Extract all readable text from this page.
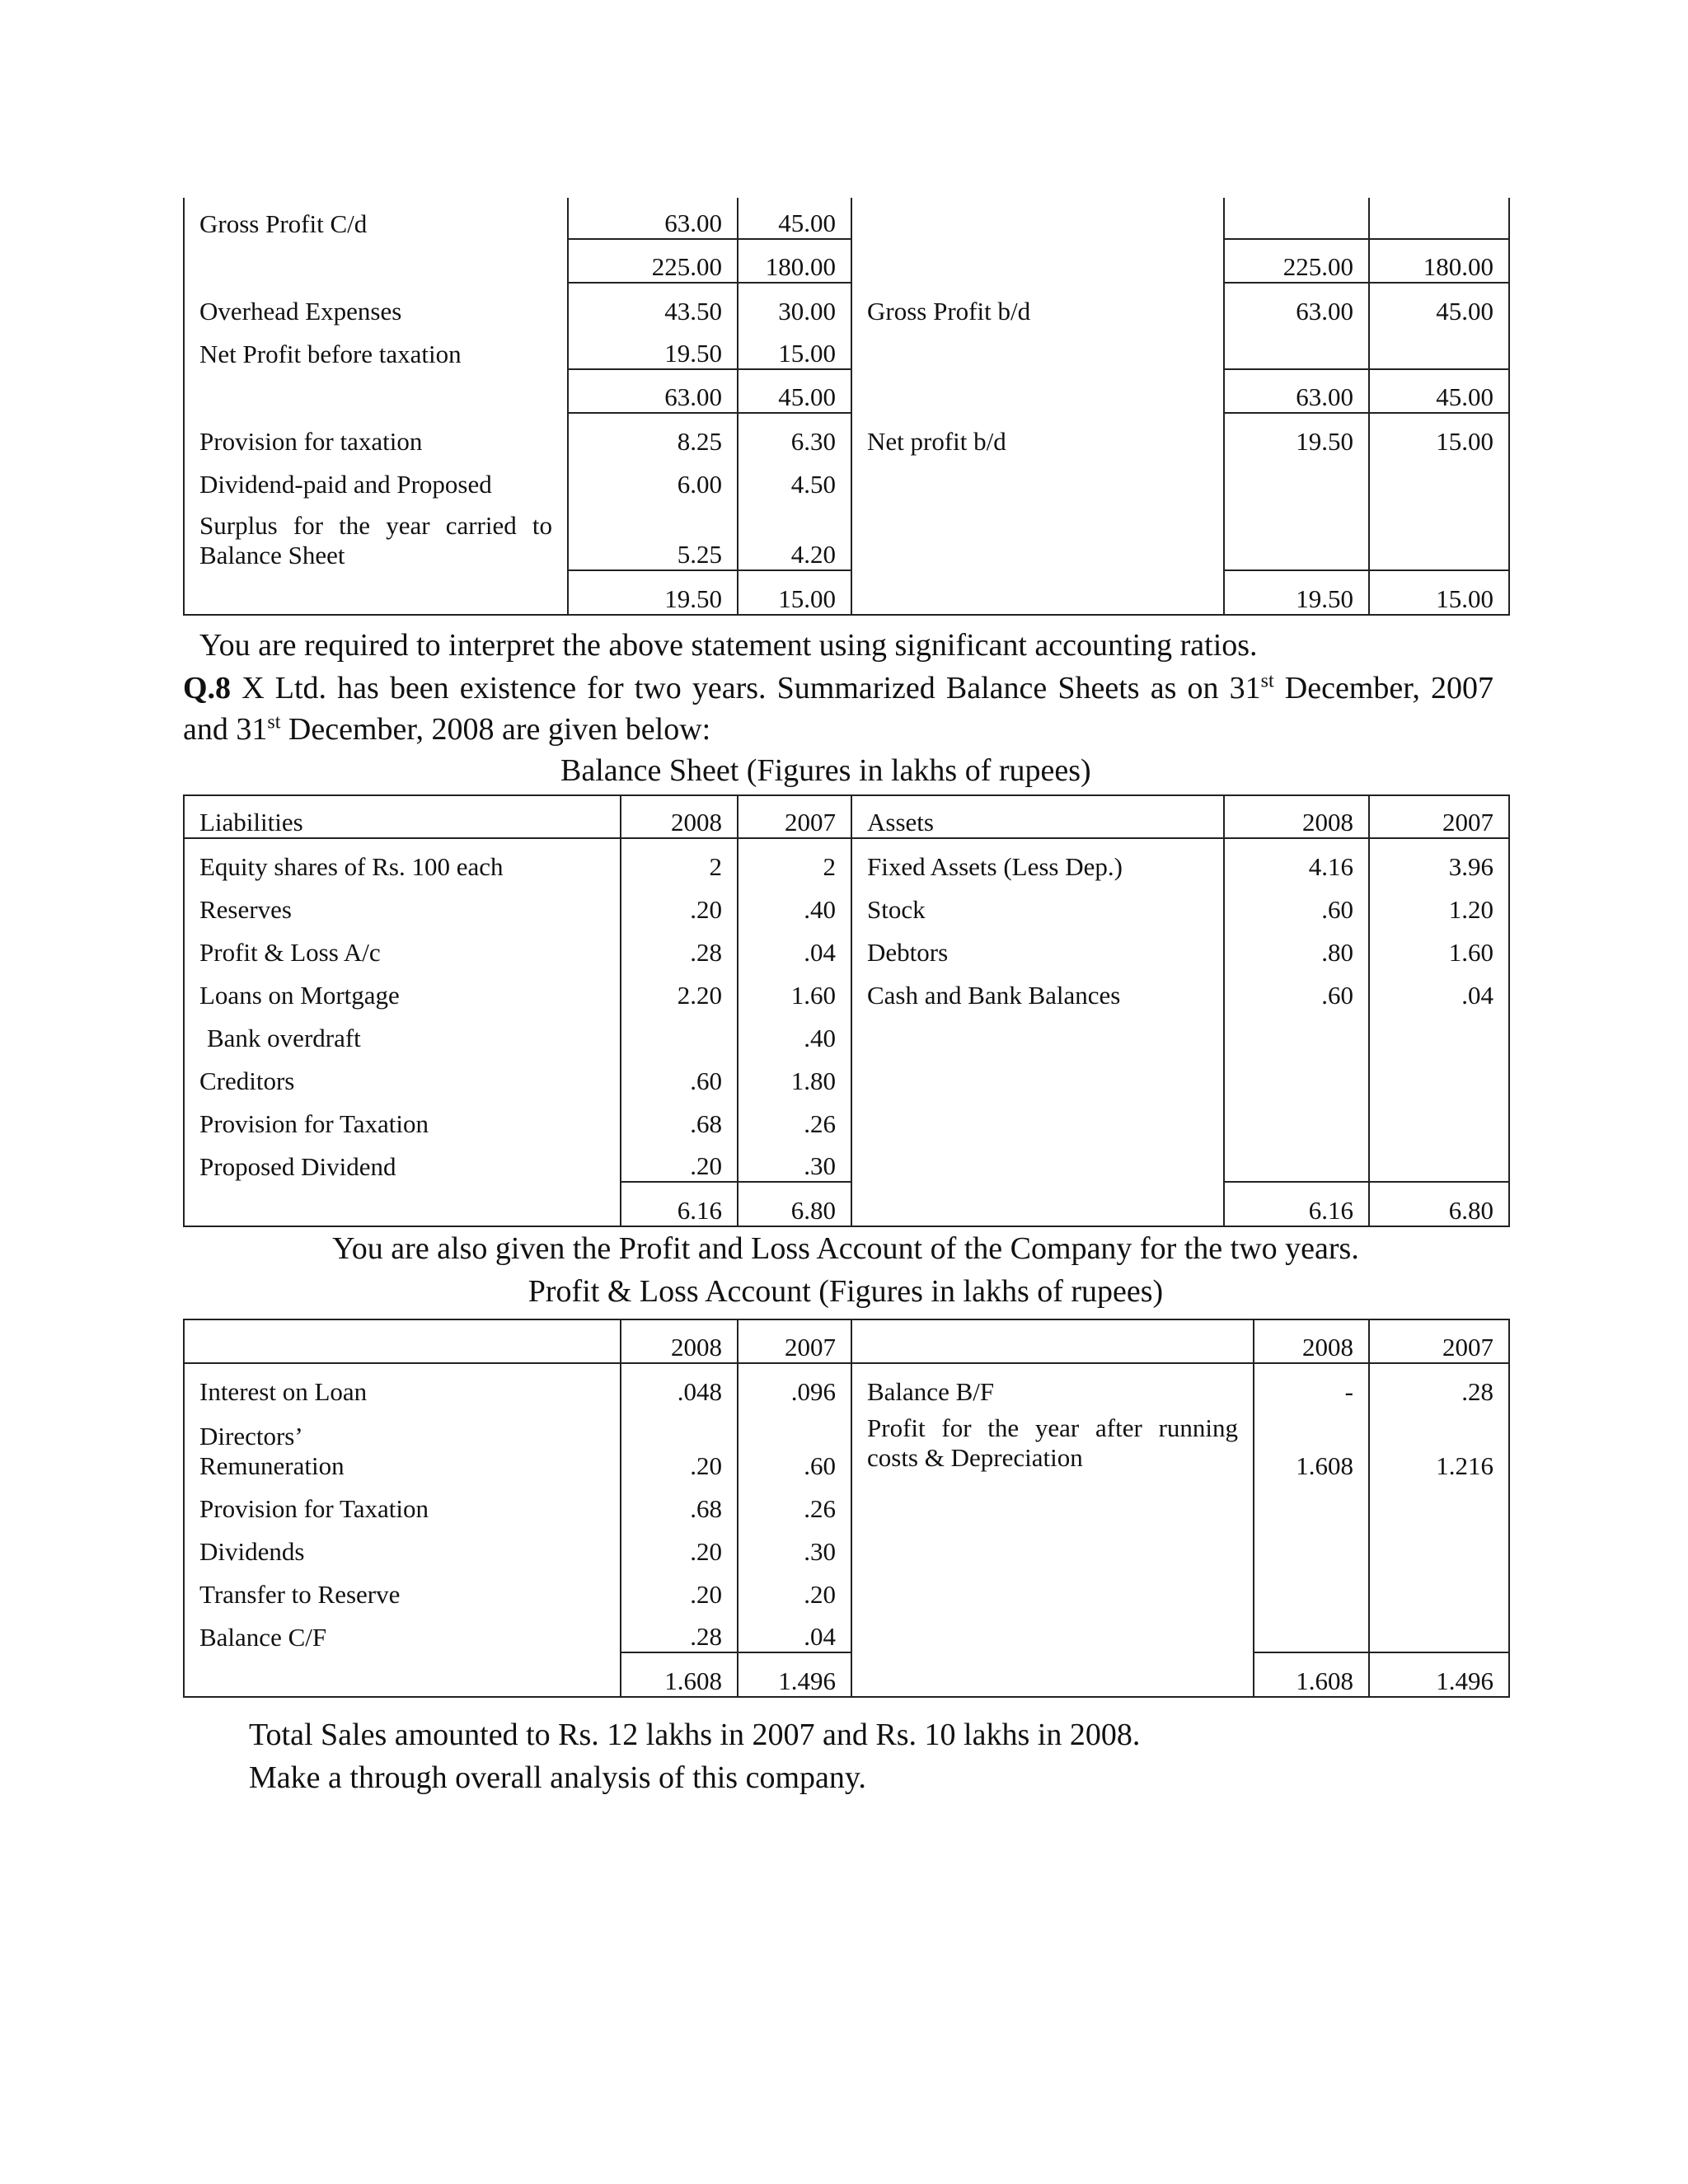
Gross Profit C/d	63.00	45.00			
	225.00	180.00		225.00	180.00
Overhead Expenses	43.50	30.00	Gross Profit b/d	63.00	45.00
Net Profit before taxation	19.50	15.00			
	63.00	45.00		63.00	45.00
Provision for taxation	8.25	6.30	Net profit b/d	19.50	15.00
Dividend-paid and Proposed	6.00	4.50			
Surplus for the year carried to Balance Sheet	5.25	4.20			
	19.50	15.00		19.50	15.00

You are required to interpret the above statement using significant accounting ratios.

Q.8 X Ltd. has been existence for two years. Summarized Balance Sheets as on 31st December, 2007 and 31st December, 2008 are given below:

Balance Sheet (Figures in lakhs of rupees)

Liabilities	2008	2007	Assets	2008	2007
Equity shares of Rs. 100 each	2	2	Fixed Assets (Less Dep.)	4.16	3.96
Reserves	.20	.40	Stock	.60	1.20
Profit & Loss A/c	.28	.04	Debtors	.80	1.60
Loans on Mortgage	2.20	1.60	Cash and Bank Balances	.60	.04
Bank overdraft		.40			
Creditors	.60	1.80			
Provision for Taxation	.68	.26			
Proposed Dividend	.20	.30			
	6.16	6.80		6.16	6.80

You are also given the Profit and Loss Account of the Company for the two years.

Profit & Loss Account (Figures in lakhs of rupees)

	2008	2007		2008	2007
Interest on Loan	.048	.096	Balance B/F	-	.28
Directors’ Remuneration	.20	.60	Profit for the year after running costs & Depreciation	1.608	1.216
Provision for Taxation	.68	.26			
Dividends	.20	.30			
Transfer to Reserve	.20	.20			
Balance C/F	.28	.04			
	1.608	1.496		1.608	1.496

Total Sales amounted to Rs. 12 lakhs in 2007 and Rs. 10 lakhs in 2008.

Make a through overall analysis of this company.
